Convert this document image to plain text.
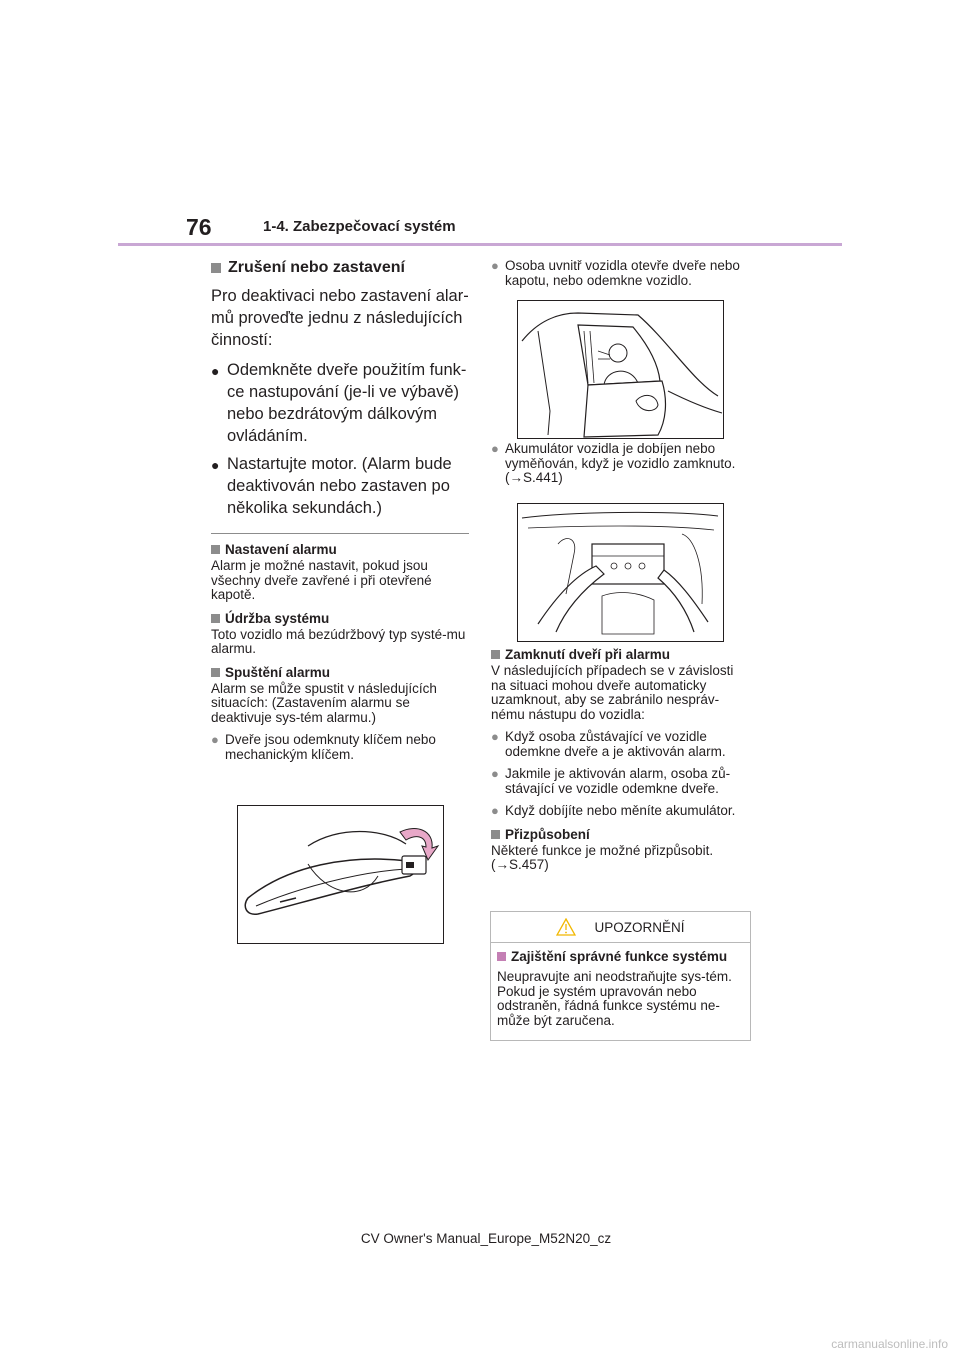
76	1-4. Zabezpečovací systém
Zrušení nebo zastavení

Pro deaktivaci nebo zastavení alar-mů proveďte jednu z následujících činností:

● Odemkněte dveře použitím funk-ce nastupování (je-li ve výbavě) nebo bezdrátovým dálkovým ovládáním.
● Nastartujte motor. (Alarm bude deaktivován nebo zastaven po několika sekundách.)
Nastavení alarmu

Alarm je možné nastavit, pokud jsou všechny dveře zavřené i při otevřené kapotě.

Údržba systému

Toto vozidlo má bezúdržbový typ systé-mu alarmu.

Spuštění alarmu

Alarm se může spustit v následujících situacích: (Zastavením alarmu se deaktivuje sys-tém alarmu.)

● Dveře jsou odemknuty klíčem nebo mechanickým klíčem.
● Osoba uvnitř vozidla otevře dveře nebo kapotu, nebo odemkne vozidlo.
● Akumulátor vozidla je dobíjen nebo vyměňován, když je vozidlo zamknuto.
(→S.441)
Zamknutí dveří při alarmu

V následujících případech se v závislosti na situaci mohou dveře automaticky uzamknout, aby se zabránilo nespráv-nému nástupu do vozidla:

● Když osoba zůstávající ve vozidle odemkne dveře a je aktivován alarm.
● Jakmile je aktivován alarm, osoba zů-stávající ve vozidle odemkne dveře.
● Když dobíjíte nebo měníte akumulátor.
Přizpůsobení

Některé funkce je možné přizpůsobit.
(→S.457)

UPOZORNĚNÍ
Zajištění správné funkce systému

Neupravujte ani neodstraňujte sys-tém. Pokud je systém upravován nebo odstraněn, řádná funkce systému ne-může být zaručena.

CV Owner's Manual_Europe_M52N20_cz
carmanualsonline.info
